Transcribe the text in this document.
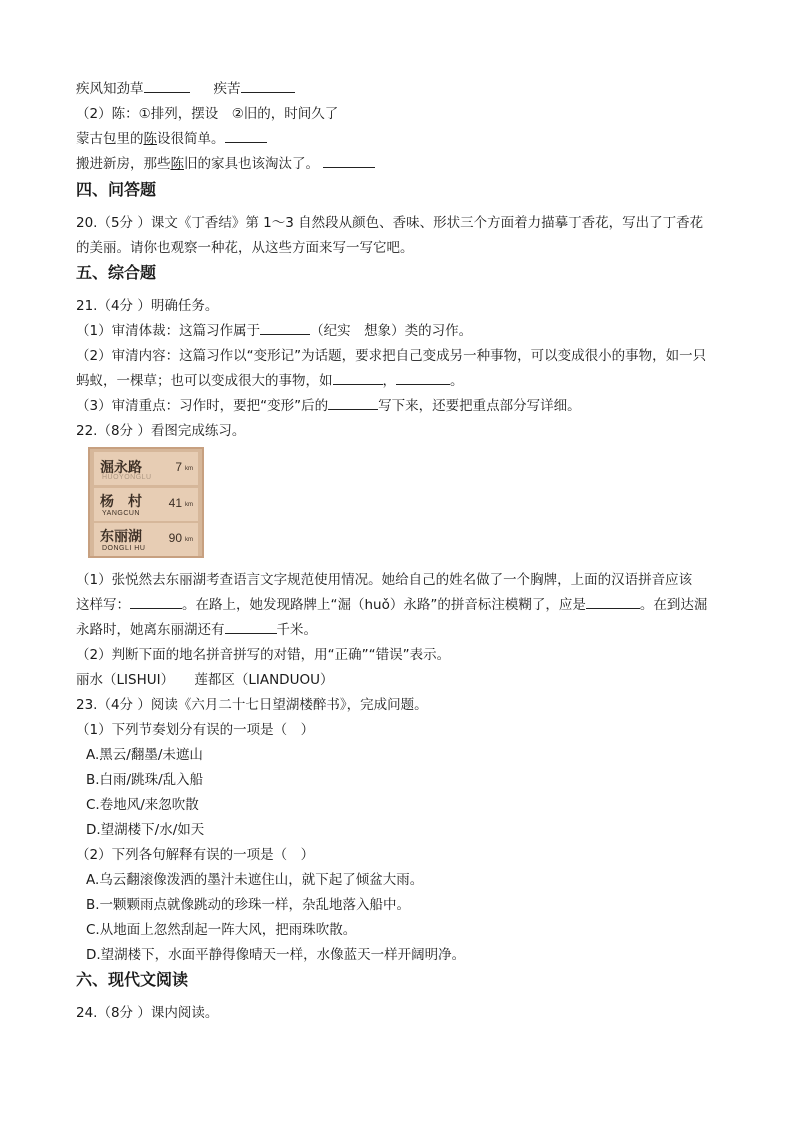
疾风知劲草	疾苦
（2）陈：①排列，摆设　②旧的，时间久了
蒙古包里的陈设很简单。
搬进新房，那些陈旧的家具也该淘汰了。
四、问答题
20.（5分 ）课文《丁香结》第 1～3 自然段从颜色、香味、形状三个方面着力描摹丁香花，写出了丁香花
的美丽。请你也观察一种花，从这些方面来写一写它吧。
五、综合题
21.（4分 ）明确任务。
（1）审清体裁：这篇习作属于	（纪实　想象）类的习作。
（2）审清内容：这篇习作以“变形记”为话题，要求把自己变成另一种事物，可以变成很小的事物，如一只
蚂蚁，一棵草；也可以变成很大的事物，如	，	。
（3）审清重点：习作时，要把“变形”后的	写下来，还要把重点部分写详细。
22.（8分 ）看图完成练习。
淈永路
HUOYONGLU
7 km
杨　村
YANGCUN
41 km
东丽湖
DONGLI HU
90 km
（1）张悦然去东丽湖考查语言文字规范使用情况。她给自己的姓名做了一个胸牌，上面的汉语拼音应该
这样写：	。在路上，她发现路牌上“淈（huǒ）永路”的拼音标注模糊了，应是	。在到达淈
永路时，她离东丽湖还有	千米。
（2）判断下面的地名拼音拼写的对错，用“正确”“错误”表示。
丽水（LISHUI）　　莲都区（LIANDUOU）
23.（4分 ）阅读《六月二十七日望湖楼醉书》，完成问题。
（1）下列节奏划分有误的一项是（　）
A.黑云/翻墨/未遮山
B.白雨/跳珠/乱入船
C.卷地风/来忽吹散
D.望湖楼下/水/如天
（2）下列各句解释有误的一项是（　）
A.乌云翻滚像泼洒的墨汁未遮住山，就下起了倾盆大雨。
B.一颗颗雨点就像跳动的珍珠一样，杂乱地落入船中。
C.从地面上忽然刮起一阵大风，把雨珠吹散。
D.望湖楼下，水面平静得像晴天一样，水像蓝天一样开阔明净。
六、现代文阅读
24.（8分 ）课内阅读。
